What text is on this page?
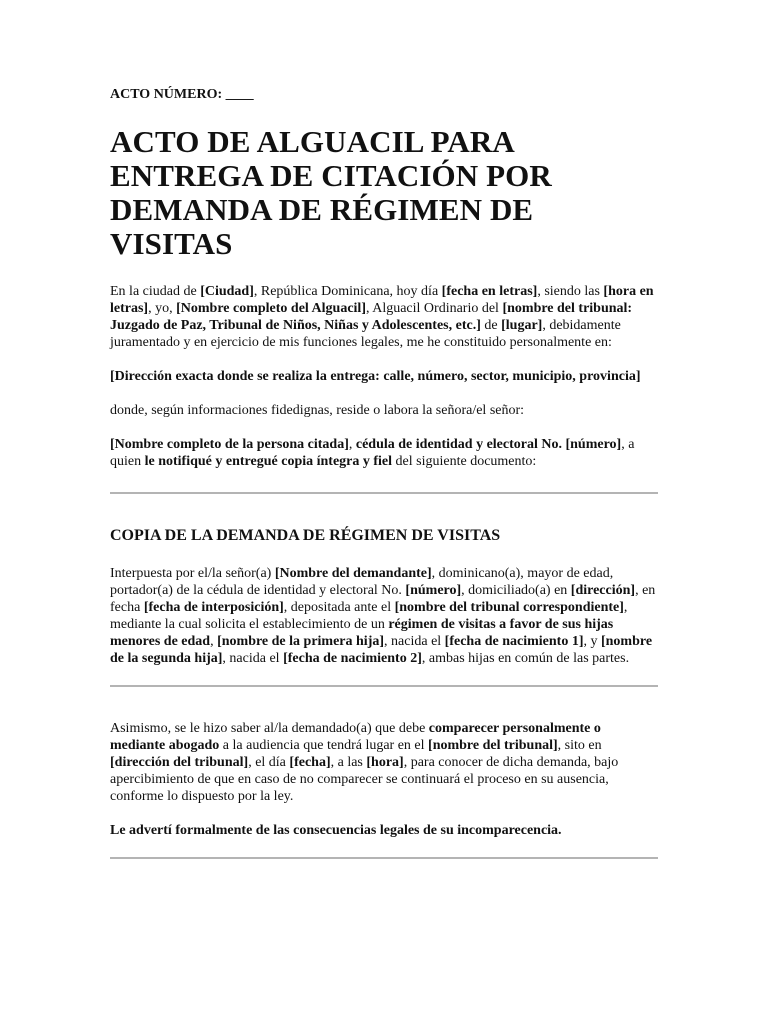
ACTO NÚMERO: ____

ACTO DE ALGUACIL PARA ENTREGA DE CITACIÓN POR DEMANDA DE RÉGIMEN DE VISITAS

En la ciudad de [Ciudad], República Dominicana, hoy día [fecha en letras], siendo las [hora en letras], yo, [Nombre completo del Alguacil], Alguacil Ordinario del [nombre del tribunal: Juzgado de Paz, Tribunal de Niños, Niñas y Adolescentes, etc.] de [lugar], debidamente juramentado y en ejercicio de mis funciones legales, me he constituido personalmente en:

[Dirección exacta donde se realiza la entrega: calle, número, sector, municipio, provincia]

donde, según informaciones fidedignas, reside o labora la señora/el señor:

[Nombre completo de la persona citada], cédula de identidad y electoral No. [número], a quien le notifiqué y entregué copia íntegra y fiel del siguiente documento:

COPIA DE LA DEMANDA DE RÉGIMEN DE VISITAS

Interpuesta por el/la señor(a) [Nombre del demandante], dominicano(a), mayor de edad, portador(a) de la cédula de identidad y electoral No. [número], domiciliado(a) en [dirección], en fecha [fecha de interposición], depositada ante el [nombre del tribunal correspondiente], mediante la cual solicita el establecimiento de un régimen de visitas a favor de sus hijas menores de edad, [nombre de la primera hija], nacida el [fecha de nacimiento 1], y [nombre de la segunda hija], nacida el [fecha de nacimiento 2], ambas hijas en común de las partes.

Asimismo, se le hizo saber al/la demandado(a) que debe comparecer personalmente o mediante abogado a la audiencia que tendrá lugar en el [nombre del tribunal], sito en [dirección del tribunal], el día [fecha], a las [hora], para conocer de dicha demanda, bajo apercibimiento de que en caso de no comparecer se continuará el proceso en su ausencia, conforme lo dispuesto por la ley.

Le advertí formalmente de las consecuencias legales de su incomparecencia.
